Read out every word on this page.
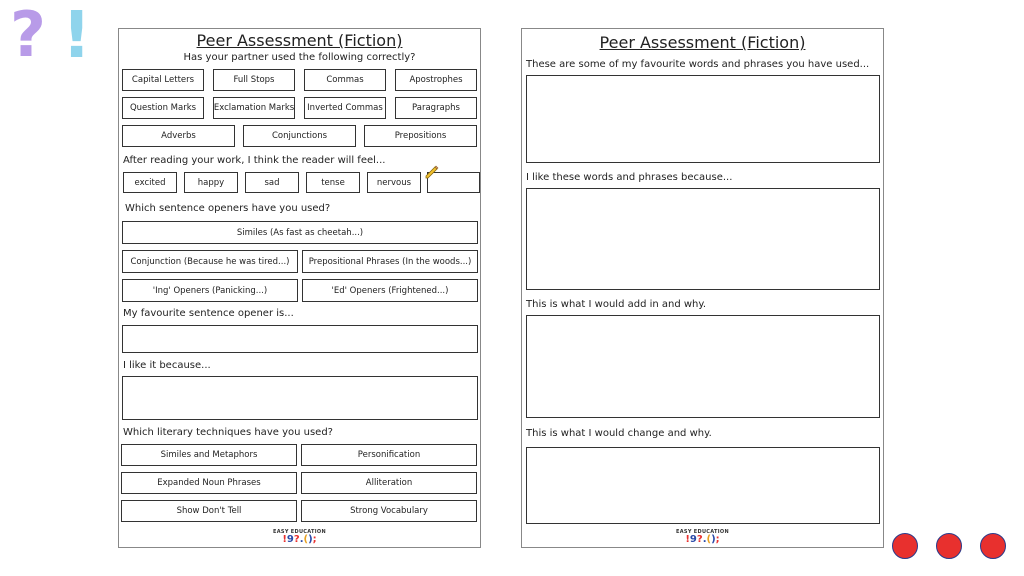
? !	Peer Assessment (Fiction)
Has your partner used the following correctly?
Capital Letters	Full Stops	Commas	Apostrophes
Question Marks	Exclamation Marks	Inverted Commas	Paragraphs
Adverbs	Conjunctions	Prepositions
After reading your work, I think the reader will feel...
excited	happy	sad	tense	nervous
Which sentence openers have you used?
Similes (As fast as cheetah...)
Conjunction (Because he was tired...)	Prepositional Phrases (In the woods...)
'Ing' Openers (Panicking...)	'Ed' Openers (Frightened...)
My favourite sentence opener is...
I like it because...
Which literary techniques have you used?
Similes and Metaphors	Personification
Expanded Noun Phrases	Alliteration
Show Don't Tell	Strong Vocabulary
EASY EDUCATION
!9?.();
Peer Assessment (Fiction)
These are some of my favourite words and phrases you have used...
I like these words and phrases because...
This is what I would add in and why.
This is what I would change and why.
EASY EDUCATION
!9?.();
